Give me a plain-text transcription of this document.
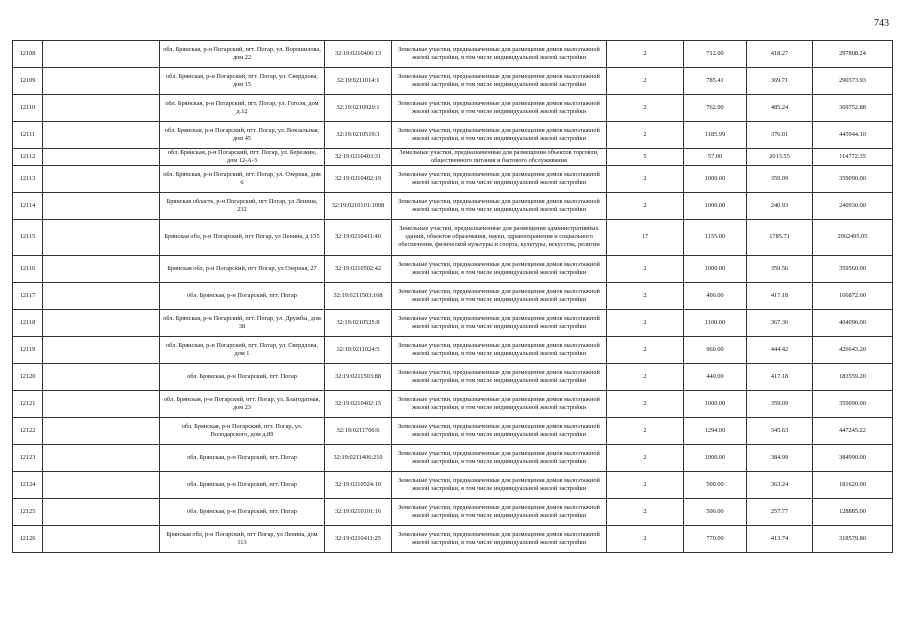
743
12108		обл. Брянская, р-н Погарский, пгт. Погар, ул. Ворошилова, дом 22	32:19:0210406:13	Земельные участки, предназначенные для размещения домов малоэтажной жилой застройки, в том числе индивидуальной жилой застройки	2	712.00	418.27	297808.24
12109		обл. Брянская, р-н Погарский, пгт. Погар, ул. Свердлова, дом 15	32:19:0211014:1	Земельные участки, предназначенные для размещения домов малоэтажной жилой застройки, в том числе индивидуальной жилой застройки	2	785.41	369.71	290373.93
12110		обл. Брянская, р-н Погарский, пгт. Погар, ул. Гоголя, дом д.12	32:19:0210920:1	Земельные участки, предназначенные для размещения домов малоэтажной жилой застройки, в том числе индивидуальной жилой застройки	2	762.00	485.24	369752.88
12111		обл. Брянская, р-н Погарский, пгт. Погар, ул. Вокзальная, дом 45	32:19:0210519:3	Земельные участки, предназначенные для размещения домов малоэтажной жилой застройки, в том числе индивидуальной жилой застройки	2	1185.99	376.01	445944.10
12112		обл. Брянская, р-н Погарский, пгт. Погар, ул. Березкин, дом 12-А-3	32:19:0210403:31	Земельные участки, предназначенные для размещения объектов торговли, общественного питания и бытового обслуживания	5	57.00	2013.55	114772.35
12113		обл. Брянская, р-н Погарский, пгт. Погар, ул. Озерная, дом 6	32:19:0210402:19	Земельные участки, предназначенные для размещения домов малоэтажной жилой застройки, в том числе индивидуальной жилой застройки	2	1000.00	359.09	359090.00
12114		Брянская область, р-н Погарский, пгт Погар, ул Ленина, 232	32:19:0210101:1008	Земельные участки, предназначенные для размещения домов малоэтажной жилой застройки, в том числе индивидуальной жилой застройки	2	1000.00	240.93	240930.00
12115		Брянская обл, р-н Погарский, пгт Погар, ул Ленина, д 155	32:19:0210411:40	Земельные участки, предназначенные для размещения административных зданий, объектов образования, науки, здравоохранения и социального обеспечения, физической культуры и спорта, культуры, искусства, религии	17	1155.00	1785.71	2062495.05
12116		Брянская обл, р-н Погарский, пгт Погар, ул Озерная, 27	32:19:0210502:42	Земельные участки, предназначенные для размещения домов малоэтажной жилой застройки, в том числе индивидуальной жилой застройки	2	1000.00	359.56	359560.00
12117		обл. Брянская, р-н Погарский, пгт. Погар	32:19:0211503:168	Земельные участки, предназначенные для размещения домов малоэтажной жилой застройки, в том числе индивидуальной жилой застройки	2	400.00	417.18	166872.00
12118		обл. Брянская, р-н Погарский, пгт. Погар, ул. Дружбы, дом 38	32:19:0210525:8	Земельные участки, предназначенные для размещения домов малоэтажной жилой застройки, в том числе индивидуальной жилой застройки	2	1100.00	367.36	404096.00
12119		обл. Брянская, р-н Погарский, пгт. Погар, ул. Свердлова, дом 1	32:19:0211024:5	Земельные участки, предназначенные для размещения домов малоэтажной жилой застройки, в том числе индивидуальной жилой застройки	2	960.00	444.42	426643.20
12120		обл. Брянская, р-н Погарский, пгт. Погар	32:19:0211503:88	Земельные участки, предназначенные для размещения домов малоэтажной жилой застройки, в том числе индивидуальной жилой застройки	2	440.00	417.18	183559.20
12121		обл. Брянская, р-н Погарский, пгт. Погар, ул. Благодатная, дом 23	32:19:0210402:15	Земельные участки, предназначенные для размещения домов малоэтажной жилой застройки, в том числе индивидуальной жилой застройки	2	1000.00	359.09	359090.00
12122		обл. Брянская, р-н Погарский, пгт. Погар, ул. Володарского, дом д.89	32:19:0211706:6	Земельные участки, предназначенные для размещения домов малоэтажной жилой застройки, в том числе индивидуальной жилой застройки	2	1294.00	345.63	447245.22
12123		обл. Брянская, р-н Погарский, пгт. Погар	32:19:0211406:210	Земельные участки, предназначенные для размещения домов малоэтажной жилой застройки, в том числе индивидуальной жилой застройки	2	1000.00	384.99	384990.00
12124		обл. Брянская, р-н Погарский, пгт. Погар	32:19:0210524:10	Земельные участки, предназначенные для размещения домов малоэтажной жилой застройки, в том числе индивидуальной жилой застройки	2	500.00	363.24	181620.00
12125		обл. Брянская, р-н Погарский, пгт. Погар	32:19:0210101:16	Земельные участки, предназначенные для размещения домов малоэтажной жилой застройки, в том числе индивидуальной жилой застройки	2	500.00	257.77	128885.00
12126		Брянская обл, р-н Погарский, пгт Погар, ул Ленина, дом 113	32:19:0210411:25	Земельные участки, предназначенные для размещения домов малоэтажной жилой застройки, в том числе индивидуальной жилой застройки	2	770.00	413.74	318579.80
